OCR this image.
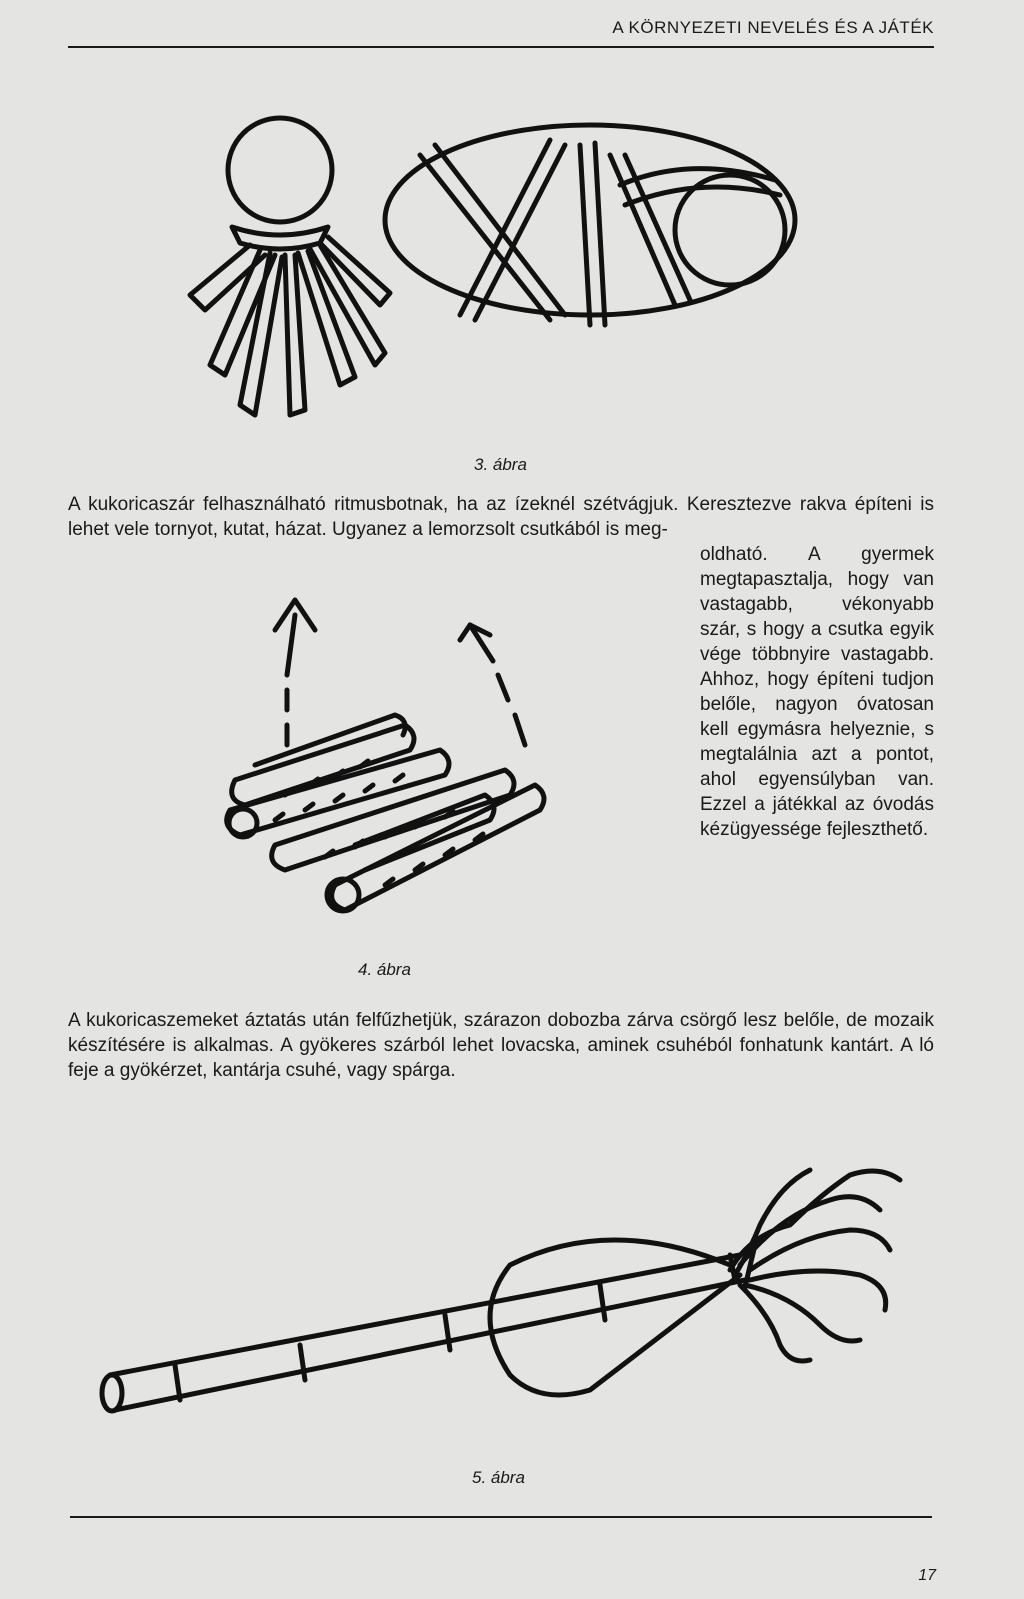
A KÖRNYEZETI NEVELÉS ÉS A JÁTÉK
3. ábra
A kukoricaszár felhasználható ritmusbotnak, ha az ízeknél szétvágjuk. Keresztezve rakva építeni is lehet vele tornyot, kutat, házat. Ugyanez a lemorzsolt csutkából is meg-
oldható. A gyermek megtapasztalja, hogy van vastagabb, vékonyabb szár, s hogy a csutka egyik vége többnyire vastagabb. Ahhoz, hogy építeni tudjon belőle, nagyon óvatosan kell egymásra helyeznie, s megtalálnia azt a pontot, ahol egyensúlyban van. Ezzel a játékkal az óvodás kézügyessége fejleszthető.
4. ábra
A kukoricaszemeket áztatás után felfűzhetjük, szárazon dobozba zárva csörgő lesz belőle, de mozaik készítésére is alkalmas. A gyökeres szárból lehet lovacska, aminek csuhéból fonhatunk kantárt. A ló feje a gyökérzet, kantárja csuhé, vagy spárga.
5. ábra
17
